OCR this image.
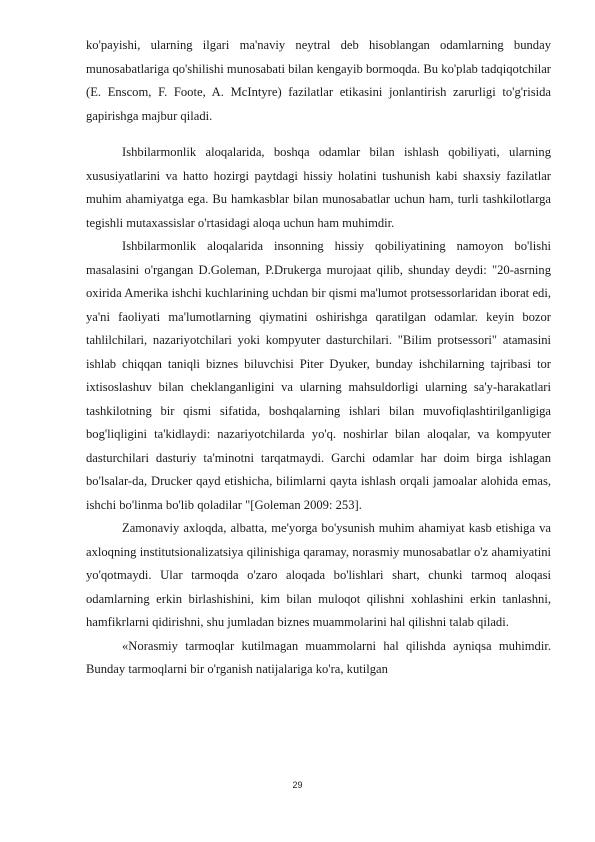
ko'payishi, ularning ilgari ma'naviy neytral deb hisoblangan odamlarning bunday munosabatlariga qo'shilishi munosabati bilan kengayib bormoqda. Bu ko'plab tadqiqotchilar (E. Enscom, F. Foote, A. McIntyre) fazilatlar etikasini jonlantirish zarurligi to'g'risida gapirishga majbur qiladi.

Ishbilarmonlik aloqalarida, boshqa odamlar bilan ishlash qobiliyati, ularning xususiyatlarini va hatto hozirgi paytdagi hissiy holatini tushunish kabi shaxsiy fazilatlar muhim ahamiyatga ega. Bu hamkasblar bilan munosabatlar uchun ham, turli tashkilotlarga tegishli mutaxassislar o'rtasidagi aloqa uchun ham muhimdir.

Ishbilarmonlik aloqalarida insonning hissiy qobiliyatining namoyon bo'lishi masalasini o'rgangan D.Goleman, P.Drukerga murojaat qilib, shunday deydi: "20-asrning oxirida Amerika ishchi kuchlarining uchdan bir qismi ma'lumot protsessorlaridan iborat edi, ya'ni faoliyati ma'lumotlarning qiymatini oshirishga qaratilgan odamlar. keyin bozor tahlilchilari, nazariyotchilari yoki kompyuter dasturchilari. "Bilim protsessori" atamasini ishlab chiqqan taniqli biznes biluvchisi Piter Dyuker, bunday ishchilarning tajribasi tor ixtisoslashuv bilan cheklanganligini va ularning mahsuldorligi ularning sa'y-harakatlari tashkilotning bir qismi sifatida, boshqalarning ishlari bilan muvofiqlashtirilganligiga bog'liqligini ta'kidlaydi: nazariyotchilarda yo'q. noshirlar bilan aloqalar, va kompyuter dasturchilari dasturiy ta'minotni tarqatmaydi. Garchi odamlar har doim birga ishlagan bo'lsalar-da, Drucker qayd etishicha, bilimlarni qayta ishlash orqali jamoalar alohida emas, ishchi bo'linma bo'lib qoladilar "[Goleman 2009: 253].

Zamonaviy axloqda, albatta, me'yorga bo'ysunish muhim ahamiyat kasb etishiga va axloqning institutsionalizatsiya qilinishiga qaramay, norasmiy munosabatlar o'z ahamiyatini yo'qotmaydi. Ular tarmoqda o'zaro aloqada bo'lishlari shart, chunki tarmoq aloqasi odamlarning erkin birlashishini, kim bilan muloqot qilishni xohlashini erkin tanlashni, hamfikrlarni qidirishni, shu jumladan biznes muammolarini hal qilishni talab qiladi.

«Norasmiy tarmoqlar kutilmagan muammolarni hal qilishda ayniqsa muhimdir. Bunday tarmoqlarni bir o'rganish natijalariga ko'ra, kutilgan

29
